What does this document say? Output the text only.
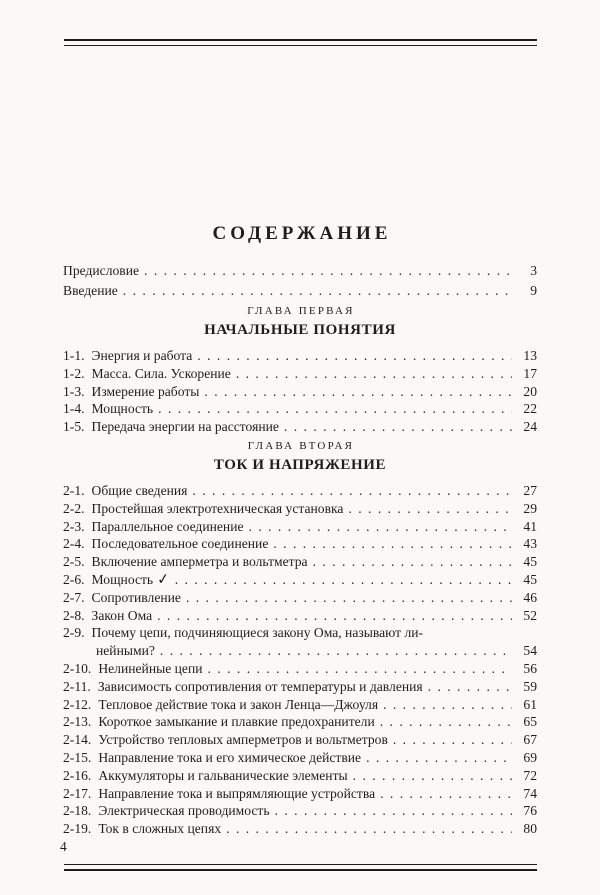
СОДЕРЖАНИЕ
Предисловие . . .	3
Введение . . .	9
ГЛАВА ПЕРВАЯ
НАЧАЛЬНЫЕ ПОНЯТИЯ
1-1. Энергия и работа . . .	13
1-2. Масса. Сила. Ускорение . . .	17
1-3. Измерение работы . . .	20
1-4. Мощность . . .	22
1-5. Передача энергии на расстояние . . .	24
ГЛАВА ВТОРАЯ
ТОК И НАПРЯЖЕНИЕ
2-1. Общие сведения . . .	27
2-2. Простейшая электротехническая установка . . .	29
2-3. Параллельное соединение . . .	41
2-4. Последовательное соединение . . .	43
2-5. Включение амперметра и вольтметра . . .	45
2-6. Мощность ✓ . . .	45
2-7. Сопротивление . . .	46
2-8. Закон Ома . . .	52
2-9. Почему цепи, подчиняющиеся закону Ома, называют ли-
нейными? . . .	54
2-10. Нелинейные цепи . . .	56
2-11. Зависимость сопротивления от температуры и давления . . .	59
2-12. Тепловое действие тока и закон Ленца—Джоуля . . .	61
2-13. Короткое замыкание и плавкие предохранители . . .	65
2-14. Устройство тепловых амперметров и вольтметров . . .	67
2-15. Направление тока и его химическое действие . . .	69
2-16. Аккумуляторы и гальванические элементы . . .	72
2-17. Направление тока и выпрямляющие устройства . . .	74
2-18. Электрическая проводимость . . .	76
2-19. Ток в сложных цепях . . .	80
4
